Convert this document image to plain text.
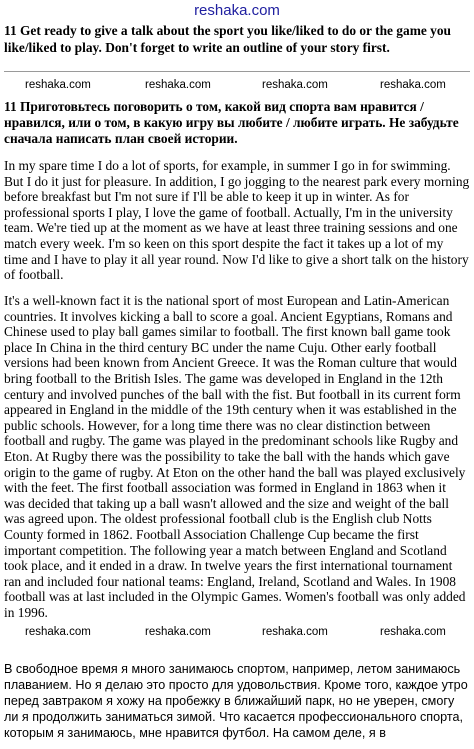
reshaka.com
11 Get ready to give a talk about the sport you like/liked to do or the game you like/liked to play. Don't forget to write an outline of your story first.
reshaka.com	reshaka.com	reshaka.com	reshaka.com
11 Приготовьтесь поговорить о том, какой вид спорта вам нравится / нравился, или о том, в какую игру вы любите / любите играть. Не забудьте сначала написать план своей истории.
In my spare time I do a lot of sports, for example, in summer I go in for swimming. But I do it just for pleasure. In addition, I go jogging to the nearest park every morning before breakfast but I'm not sure if I'll be able to keep it up in winter. As for professional sports I play, I love the game of football. Actually, I'm in the university team. We're tied up at the moment as we have at least three training sessions and one match every week. I'm so keen on this sport despite the fact it takes up a lot of my time and I have to play it all year round. Now I'd like to give a short talk on the history of football.
It's a well-known fact it is the national sport of most European and Latin-American countries. It involves kicking a ball to score a goal. Ancient Egyptians, Romans and Chinese used to play ball games similar to football. The first known ball game took place In China in the third century BC under the name Cuju. Other early football versions had been known from Ancient Greece. It was the Roman culture that would bring football to the British Isles. The game was developed in England in the 12th century and involved punches of the ball with the fist. But football in its current form appeared in England in the middle of the 19th century when it was established in the public schools. However, for a long time there was no clear distinction between football and rugby. The game was played in the predominant schools like Rugby and Eton. At Rugby there was the possibility to take the ball with the hands which gave origin to the game of rugby. At Eton on the other hand the ball was played exclusively with the feet. The first football association was formed in England in 1863 when it was decided that taking up a ball wasn't allowed and the size and weight of the ball was agreed upon. The oldest professional football club is the English club Notts County formed in 1862. Football Association Challenge Cup became the first important competition. The following year a match between England and Scotland took place, and it ended in a draw. In twelve years the first international tournament ran and included four national teams: England, Ireland, Scotland and Wales. In 1908 football was at last included in the Olympic Games. Women's football was only added in 1996.
reshaka.com	reshaka.com	reshaka.com	reshaka.com
В свободное время я много занимаюсь спортом, например, летом занимаюсь плаванием. Но я делаю это просто для удовольствия. Кроме того, каждое утро перед завтраком я хожу на пробежку в ближайший парк, но не уверен, смогу ли я продолжить заниматься зимой. Что касается профессионального спорта, которым я занимаюсь, мне нравится футбол. На самом деле, я в
